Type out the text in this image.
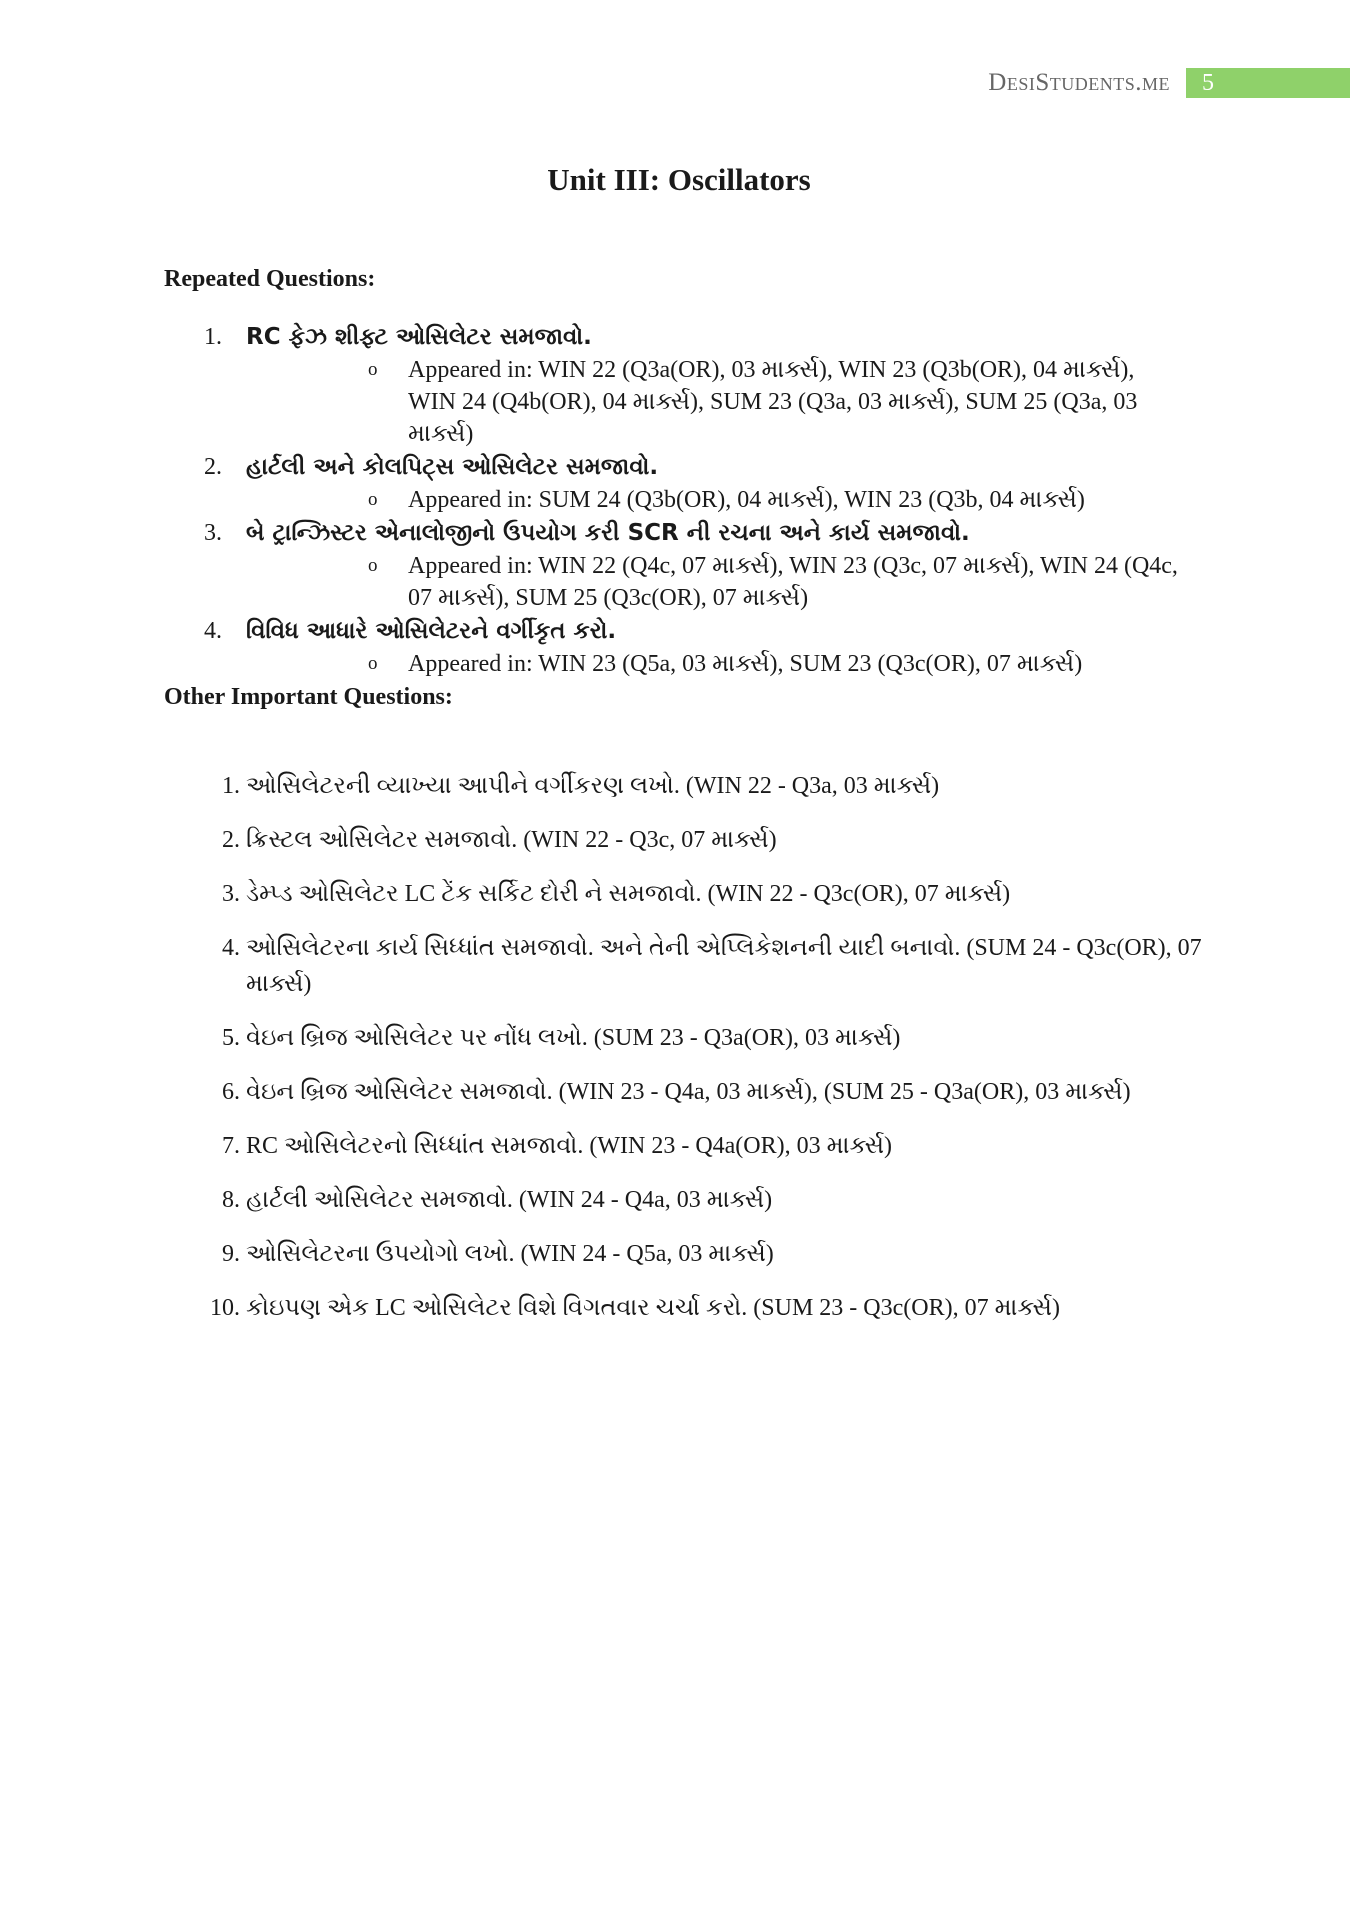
DesiStudents.me	5
Unit III: Oscillators
Repeated Questions:
1. RC ફેઝ શીફ્ટ ઓસિલેટર સમજાવો.
o Appeared in: WIN 22 (Q3a(OR), 03 માર્ક્સ), WIN 23 (Q3b(OR), 04 માર્ક્સ), WIN 24 (Q4b(OR), 04 માર્ક્સ), SUM 23 (Q3a, 03 માર્ક્સ), SUM 25 (Q3a, 03 માર્ક્સ)
2. હાર્ટલી અને કોલપિટ્સ ઓસિલેટર સમજાવો.
o Appeared in: SUM 24 (Q3b(OR), 04 માર્ક્સ), WIN 23 (Q3b, 04 માર્ક્સ)
3. બે ટ્રાન્ઝિસ્ટર એનાલોજીનો ઉપયોગ કરી SCR ની રચના અને કાર્ય સમજાવો.
o Appeared in: WIN 22 (Q4c, 07 માર્ક્સ), WIN 23 (Q3c, 07 માર્ક્સ), WIN 24 (Q4c, 07 માર્ક્સ), SUM 25 (Q3c(OR), 07 માર્ક્સ)
4. વિવિધ આધારે ઓસિલેટરને વર્ગીકૃત કરો.
o Appeared in: WIN 23 (Q5a, 03 માર્ક્સ), SUM 23 (Q3c(OR), 07 માર્ક્સ)
Other Important Questions:
1. ઓસિલેટરની વ્યાખ્યા આપીને વર્ગીકરણ લખો. (WIN 22 - Q3a, 03 માર્ક્સ)
2. ક્રિસ્ટલ ઓસિલેટર સમજાવો. (WIN 22 - Q3c, 07 માર્ક્સ)
3. ડેમ્પ્ડ ઓસિલેટર LC ટેંક સર્કિટ દોરી ને સમજાવો. (WIN 22 - Q3c(OR), 07 માર્ક્સ)
4. ઓસિલેટરના કાર્ય સિધ્ધાંત સમજાવો. અને તેની એપ્લિકેશનની યાદી બનાવો. (SUM 24 - Q3c(OR), 07 માર્ક્સ)
5. વેઇન બ્રિજ ઓસિલેટર પર નોંધ લખો. (SUM 23 - Q3a(OR), 03 માર્ક્સ)
6. વેઇન બ્રિજ ઓસિલેટર સમજાવો. (WIN 23 - Q4a, 03 માર્ક્સ), (SUM 25 - Q3a(OR), 03 માર્ક્સ)
7. RC ઓસિલેટરનો સિધ્ધાંત સમજાવો. (WIN 23 - Q4a(OR), 03 માર્ક્સ)
8. હાર્ટલી ઓસિલેટર સમજાવો. (WIN 24 - Q4a, 03 માર્ક્સ)
9. ઓસિલેટરના ઉપયોગો લખો. (WIN 24 - Q5a, 03 માર્ક્સ)
10. કોઇપણ એક LC ઓસિલેટર વિશે વિગતવાર ચર્ચા કરો. (SUM 23 - Q3c(OR), 07 માર્ક્સ)
